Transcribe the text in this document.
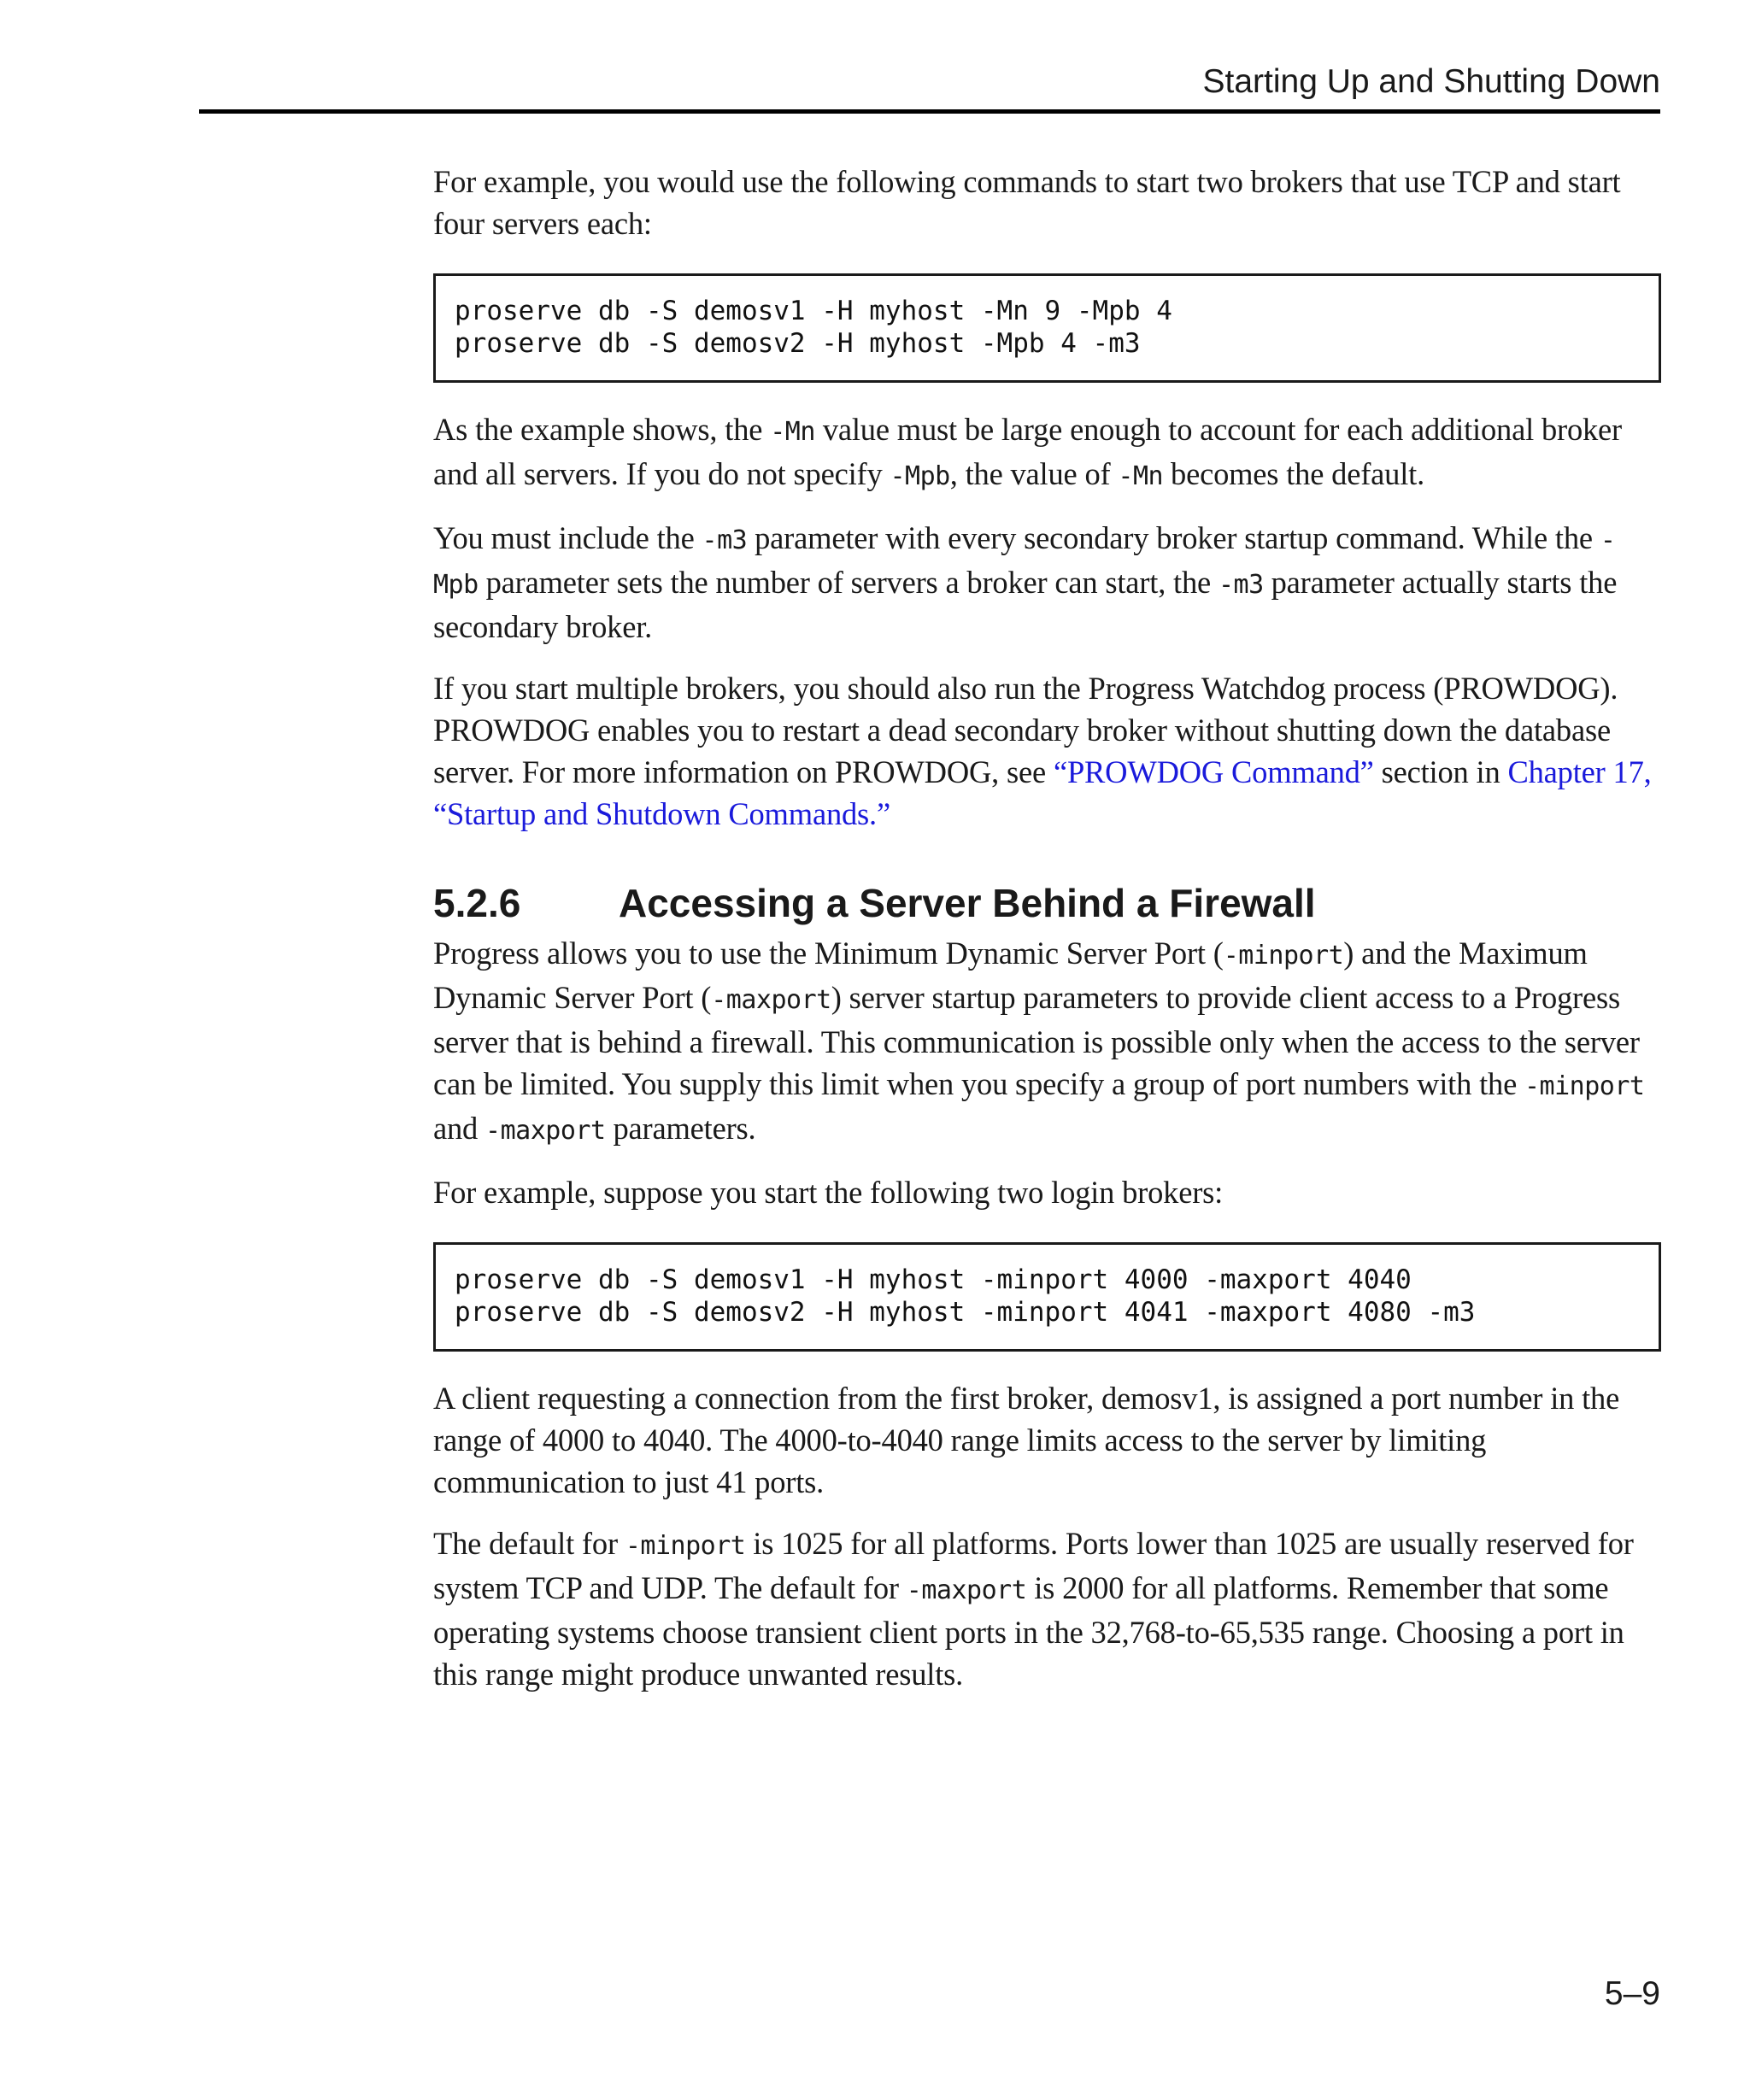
Starting Up and Shutting Down

For example, you would use the following commands to start two brokers that use TCP and start four servers each:

proserve db -S demosv1 -H myhost -Mn 9 -Mpb 4
proserve db -S demosv2 -H myhost -Mpb 4 -m3

As the example shows, the -Mn value must be large enough to account for each additional broker and all servers. If you do not specify -Mpb, the value of -Mn becomes the default.

You must include the -m3 parameter with every secondary broker startup command. While the -Mpb parameter sets the number of servers a broker can start, the -m3 parameter actually starts the secondary broker.

If you start multiple brokers, you should also run the Progress Watchdog process (PROWDOG). PROWDOG enables you to restart a dead secondary broker without shutting down the database server. For more information on PROWDOG, see “PROWDOG Command” section in Chapter 17, “Startup and Shutdown Commands.”

5.2.6 Accessing a Server Behind a Firewall

Progress allows you to use the Minimum Dynamic Server Port (-minport) and the Maximum Dynamic Server Port (-maxport) server startup parameters to provide client access to a Progress server that is behind a firewall. This communication is possible only when the access to the server can be limited. You supply this limit when you specify a group of port numbers with the -minport and -maxport parameters.

For example, suppose you start the following two login brokers:

proserve db -S demosv1 -H myhost -minport 4000 -maxport 4040
proserve db -S demosv2 -H myhost -minport 4041 -maxport 4080 -m3

A client requesting a connection from the first broker, demosv1, is assigned a port number in the range of 4000 to 4040. The 4000-to-4040 range limits access to the server by limiting communication to just 41 ports.

The default for -minport is 1025 for all platforms. Ports lower than 1025 are usually reserved for system TCP and UDP. The default for -maxport is 2000 for all platforms. Remember that some operating systems choose transient client ports in the 32,768-to-65,535 range. Choosing a port in this range might produce unwanted results.

5–9
